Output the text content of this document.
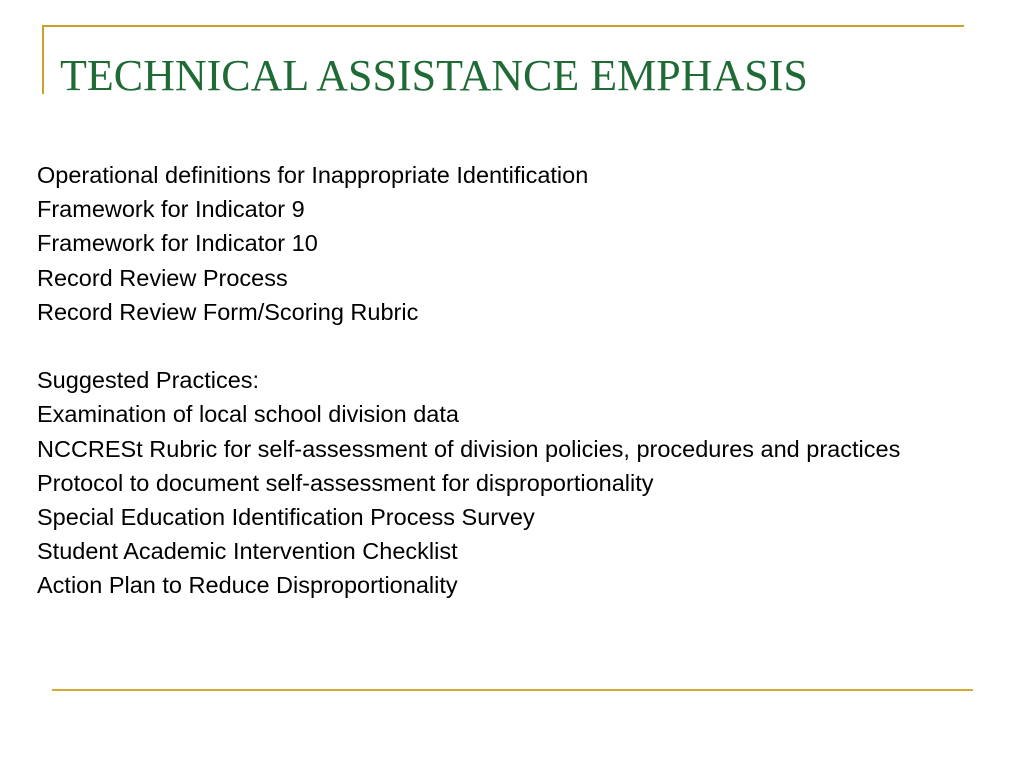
TECHNICAL ASSISTANCE EMPHASIS
Operational definitions for Inappropriate Identification
Framework for Indicator 9
Framework for Indicator 10
Record Review Process
Record Review Form/Scoring Rubric
Suggested Practices:
Examination of local school division data
NCCRESt Rubric for self-assessment of division policies, procedures and practices
Protocol to document self-assessment for disproportionality
Special Education Identification Process Survey
Student Academic Intervention Checklist
Action Plan to Reduce Disproportionality
